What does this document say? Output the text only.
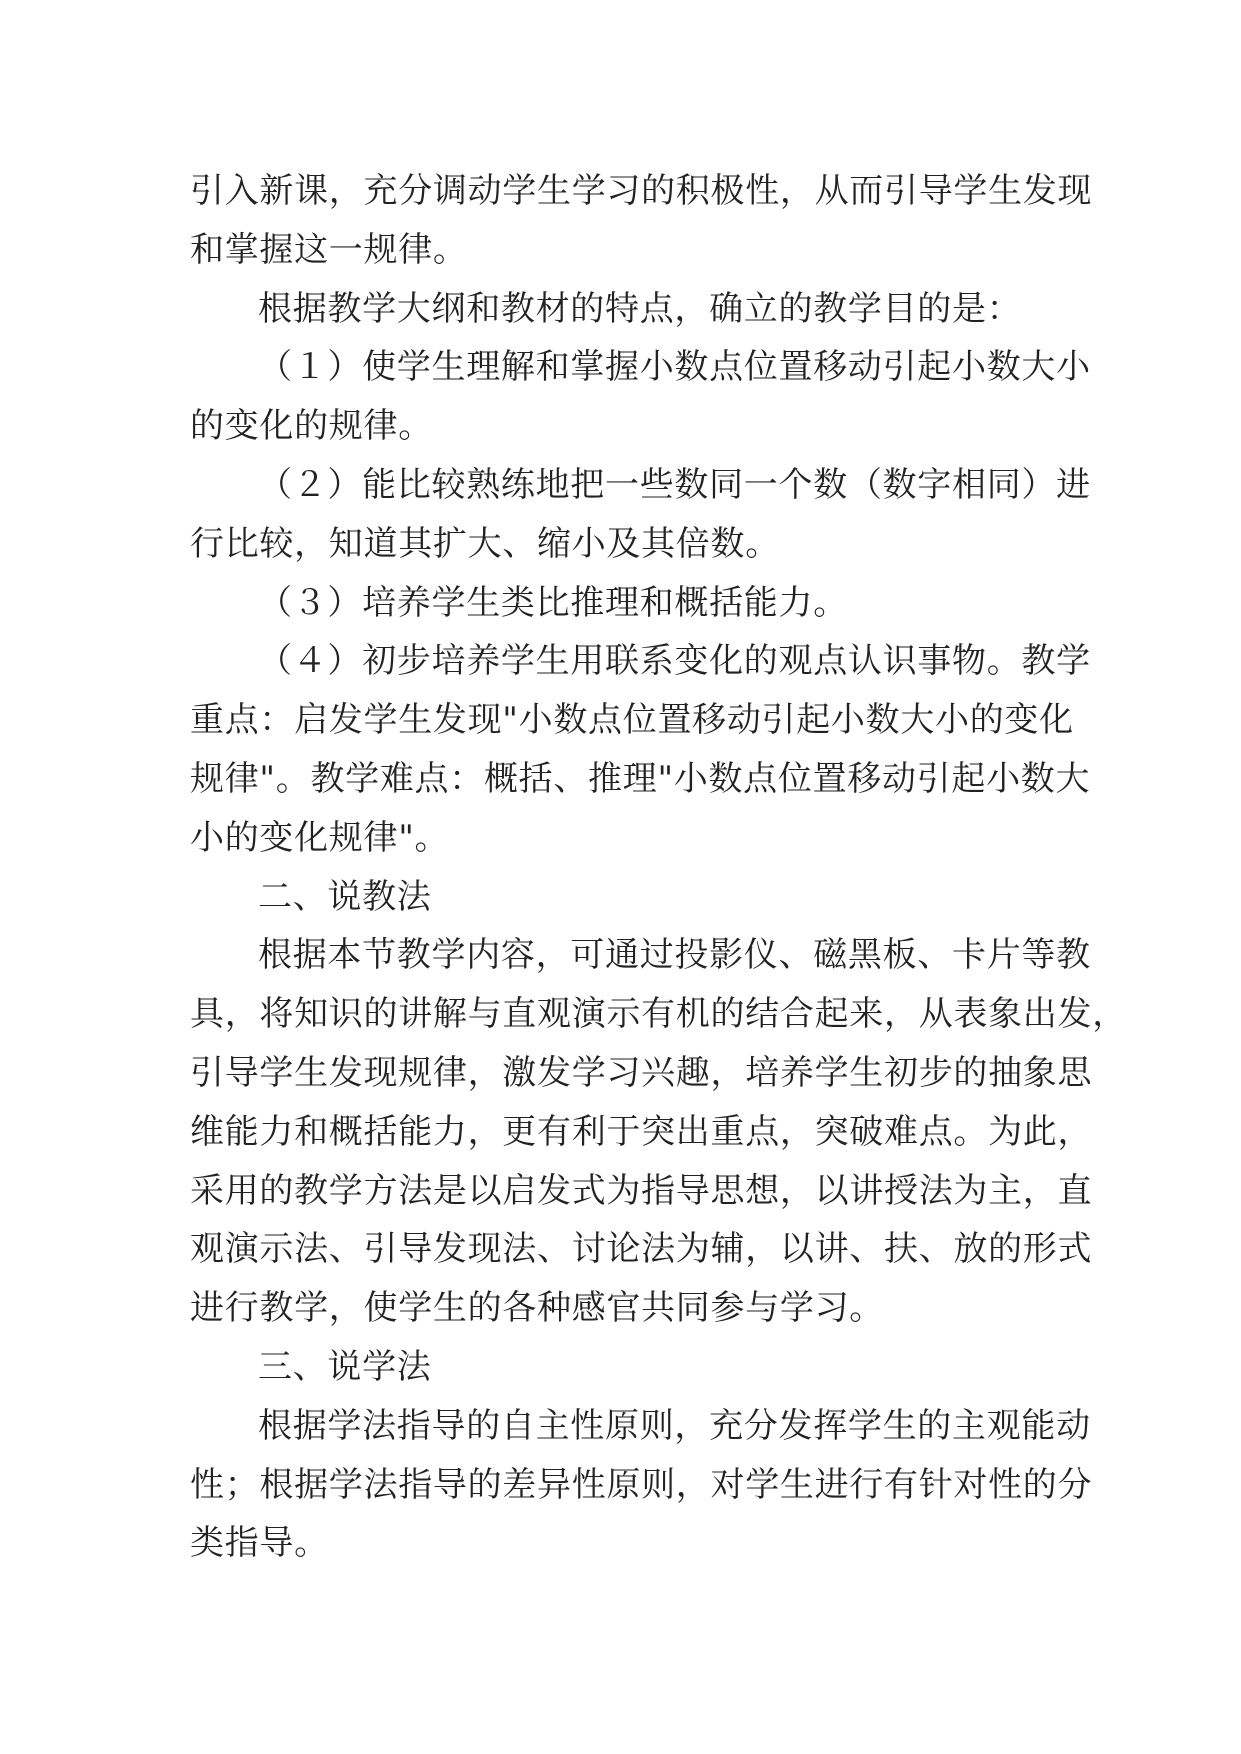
引入新课，充分调动学生学习的积极性，从而引导学生发现
和掌握这一规律。
根据教学大纲和教材的特点，确立的教学目的是：
（１）使学生理解和掌握小数点位置移动引起小数大小
的变化的规律。
（２）能比较熟练地把一些数同一个数（数字相同）进
行比较，知道其扩大、缩小及其倍数。
（３）培养学生类比推理和概括能力。
（４）初步培养学生用联系变化的观点认识事物。教学
重点：启发学生发现"小数点位置移动引起小数大小的变化
规律"。教学难点：概括、推理"小数点位置移动引起小数大
小的变化规律"。
二、说教法
根据本节教学内容，可通过投影仪、磁黑板、卡片等教
具，将知识的讲解与直观演示有机的结合起来，从表象出发，
引导学生发现规律，激发学习兴趣，培养学生初步的抽象思
维能力和概括能力，更有利于突出重点，突破难点。为此，
采用的教学方法是以启发式为指导思想，以讲授法为主，直
观演示法、引导发现法、讨论法为辅，以讲、扶、放的形式
进行教学，使学生的各种感官共同参与学习。
三、说学法
根据学法指导的自主性原则，充分发挥学生的主观能动
性；根据学法指导的差异性原则，对学生进行有针对性的分
类指导。
